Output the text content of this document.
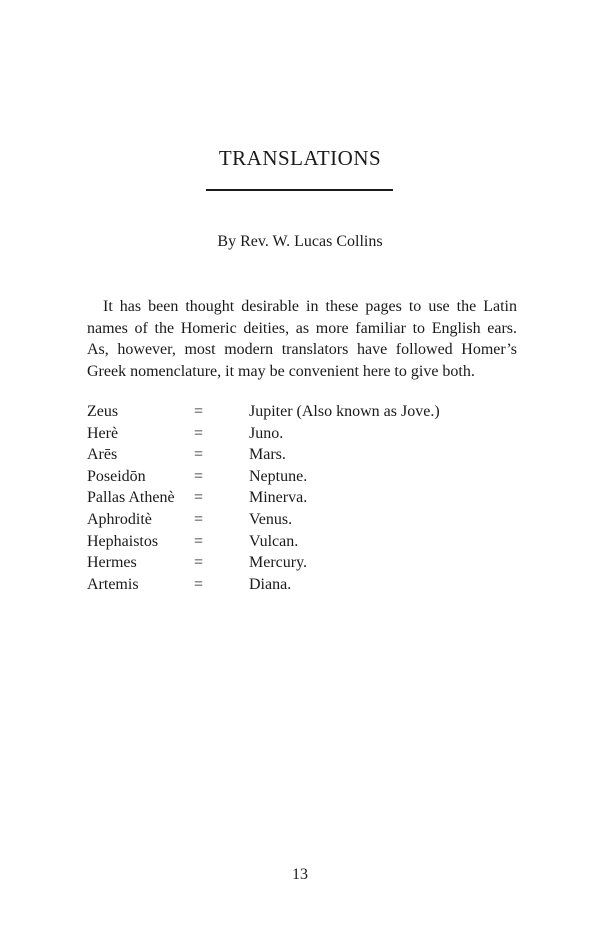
TRANSLATIONS
By Rev. W. Lucas Collins

It has been thought desirable in these pages to use the Latin
names of the Homeric deities, as more familiar to English ears.
As, however, most modern translators have followed Homer’s
Greek nomenclature, it may be convenient here to give both.

Zeus	=	Jupiter (Also known as Jove.)
Herè	=	Juno.
Arēs	=	Mars.
Poseidōn	=	Neptune.
Pallas Athenè =	Minerva.
Aphroditè	=	Venus.
Hephaistos =	Vulcan.
Hermes	=	Mercury.
Artemis	=	Diana.
13
